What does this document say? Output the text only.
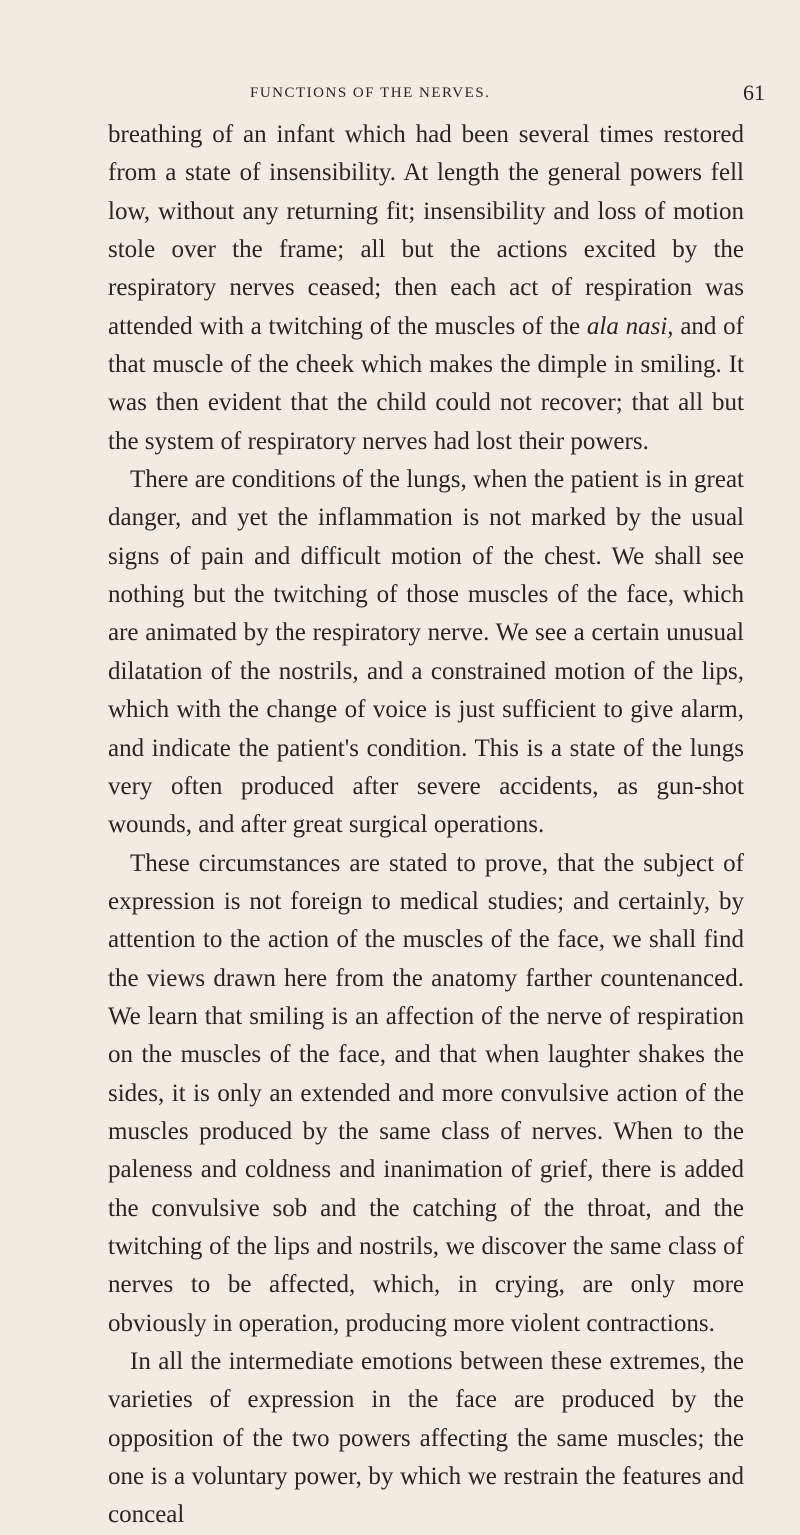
FUNCTIONS OF THE NERVES.	61

breathing of an infant which had been several times restored from a state of insensibility. At length the general powers fell low, without any returning fit; insensibility and loss of motion stole over the frame; all but the actions excited by the respiratory nerves ceased; then each act of respiration was attended with a twitching of the muscles of the ala nasi, and of that muscle of the cheek which makes the dimple in smiling. It was then evident that the child could not recover; that all but the system of respiratory nerves had lost their powers.

There are conditions of the lungs, when the patient is in great danger, and yet the inflammation is not marked by the usual signs of pain and difficult motion of the chest. We shall see nothing but the twitching of those muscles of the face, which are animated by the respiratory nerve. We see a certain unusual dilatation of the nostrils, and a constrained motion of the lips, which with the change of voice is just sufficient to give alarm, and indicate the patient's condition. This is a state of the lungs very often produced after severe accidents, as gun-shot wounds, and after great surgical operations.

These circumstances are stated to prove, that the subject of expression is not foreign to medical studies; and certainly, by attention to the action of the muscles of the face, we shall find the views drawn here from the anatomy farther countenanced. We learn that smiling is an affection of the nerve of respiration on the muscles of the face, and that when laughter shakes the sides, it is only an extended and more convulsive action of the muscles produced by the same class of nerves. When to the paleness and coldness and inanimation of grief, there is added the convulsive sob and the catching of the throat, and the twitching of the lips and nostrils, we discover the same class of nerves to be affected, which, in crying, are only more obviously in operation, producing more violent contractions.

In all the intermediate emotions between these extremes, the varieties of expression in the face are produced by the opposition of the two powers affecting the same muscles; the one is a voluntary power, by which we restrain the features and conceal
